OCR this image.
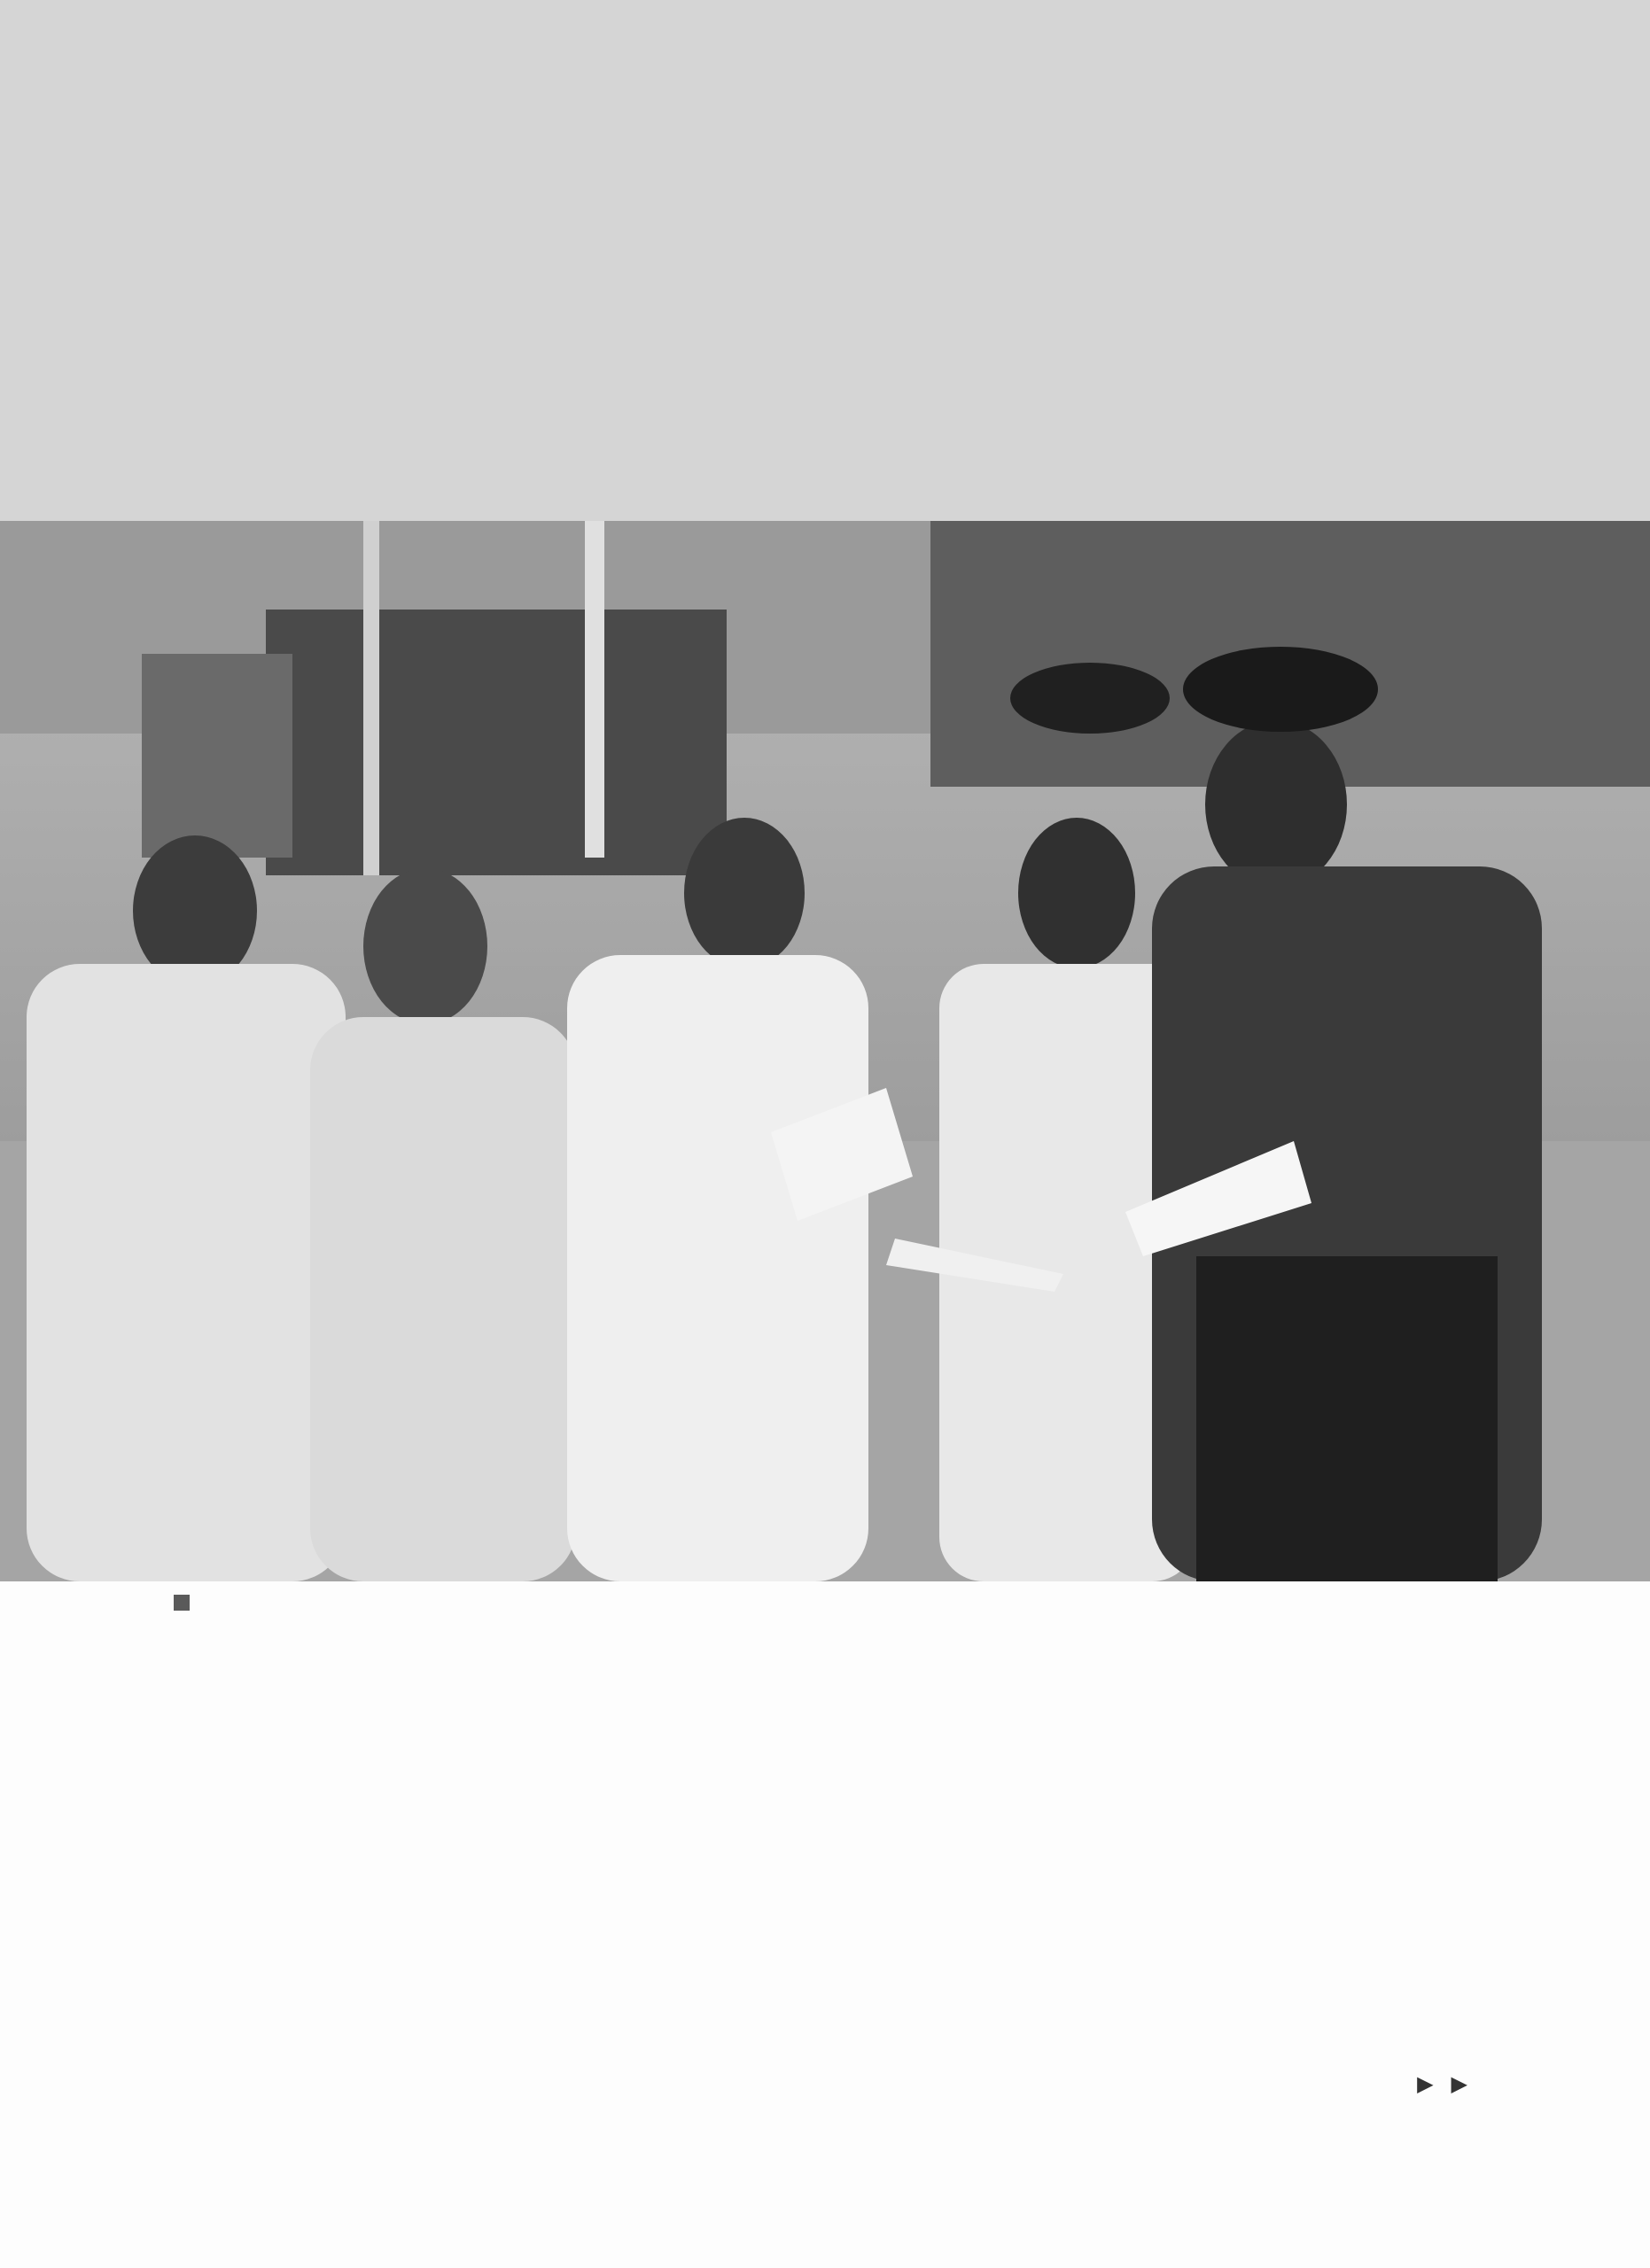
▶ ▶
